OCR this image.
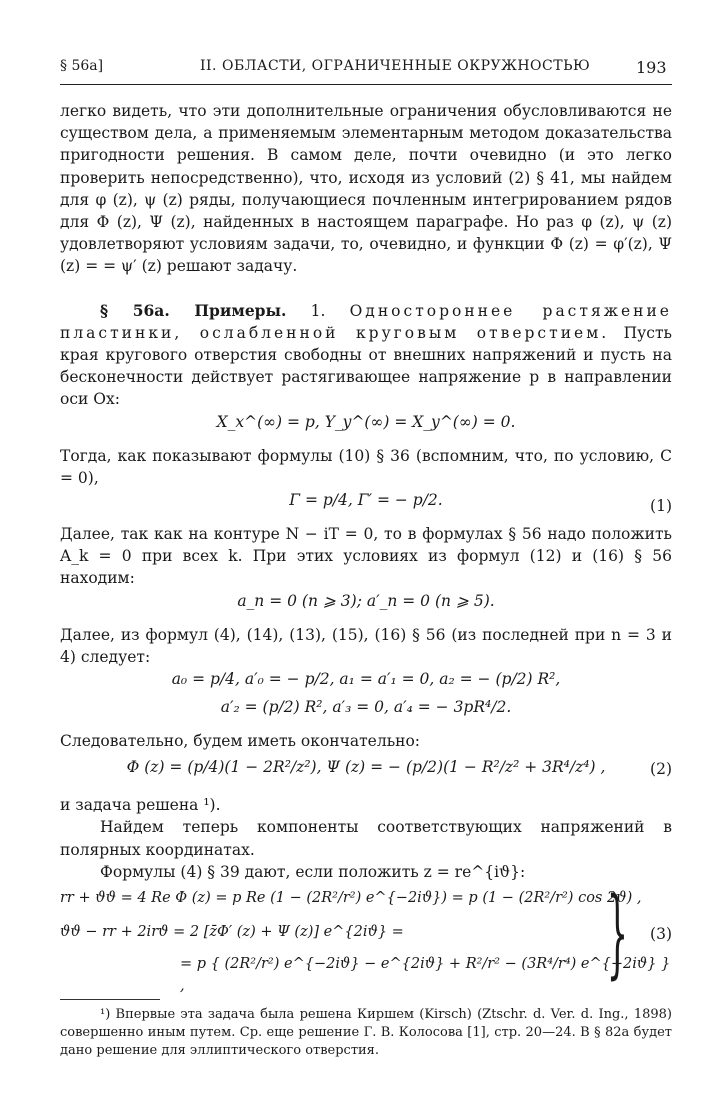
§ 56а]	II. ОБЛАСТИ, ОГРАНИЧЕННЫЕ ОКРУЖНОСТЬЮ	193

легко видеть, что эти дополнительные ограничения обусловливаются не существом дела, а применяемым элементарным методом доказательства пригодности решения. В самом деле, почти очевидно (и это легко проверить непосредственно), что, исходя из условий (2) § 41, мы найдем для φ (z), ψ (z) ряды, получающиеся почленным интегрированием рядов для Φ (z), Ψ (z), найденных в настоящем параграфе. Но раз φ (z), ψ (z) удовлетворяют условиям задачи, то, очевидно, и функции Φ (z) = φ′(z), Ψ (z) = = ψ′ (z) решают задачу.

§ 56а. Примеры. 1. Одностороннее растяжение пластинки, ослабленной круговым отверстием. Пусть края кругового отверстия свободны от внешних напряжений и пусть на бесконечности действует растягивающее напряжение p в направлении оси Ox:

X_x^(∞) = p, Y_y^(∞) = X_y^(∞) = 0.

Тогда, как показывают формулы (10) § 36 (вспомним, что, по условию, C = 0),

Γ = p/4, Γ′ = − p/2.	(1)

Далее, так как на контуре N − iT = 0, то в формулах § 56 надо положить A_k = 0 при всех k. При этих условиях из формул (12) и (16) § 56 находим:

a_n = 0 (n ⩾ 3); a′_n = 0 (n ⩾ 5).

Далее, из формул (4), (14), (13), (15), (16) § 56 (из последней при n = 3 и 4) следует:

a₀ = p/4, a′₀ = − p/2, a₁ = a′₁ = 0, a₂ = − (p/2) R²,
a′₂ = (p/2) R², a′₃ = 0, a′₄ = − 3pR⁴/2.

Следовательно, будем иметь окончательно:

Φ (z) = (p/4)(1 − 2R²/z²), Ψ (z) = − (p/2)(1 − R²/z² + 3R⁴/z⁴) ,	(2)

и задача решена ¹).

Найдем теперь компоненты соответствующих напряжений в полярных координатах.

Формулы (4) § 39 дают, если положить z = re^{iϑ}:

rr + ϑϑ = 4 Re Φ (z) = p Re (1 − (2R²/r²) e^{−2iϑ}) = p (1 − (2R²/r²) cos 2ϑ) ,
ϑϑ − rr + 2irϑ = 2 [z̄Φ′ (z) + Ψ (z)] e^{2iϑ} =
= p { (2R²/r²) e^{−2iϑ} − e^{2iϑ} + R²/r² − (3R⁴/r⁴) e^{−2iϑ} } ,	} (3)

¹) Впервые эта задача была решена Киршем (Kirsch) (Ztschr. d. Ver. d. Ing., 1898) совершенно иным путем. Ср. еще решение Г. В. Колосова [1], стр. 20—24. В § 82а будет дано решение для эллиптического отверстия.
